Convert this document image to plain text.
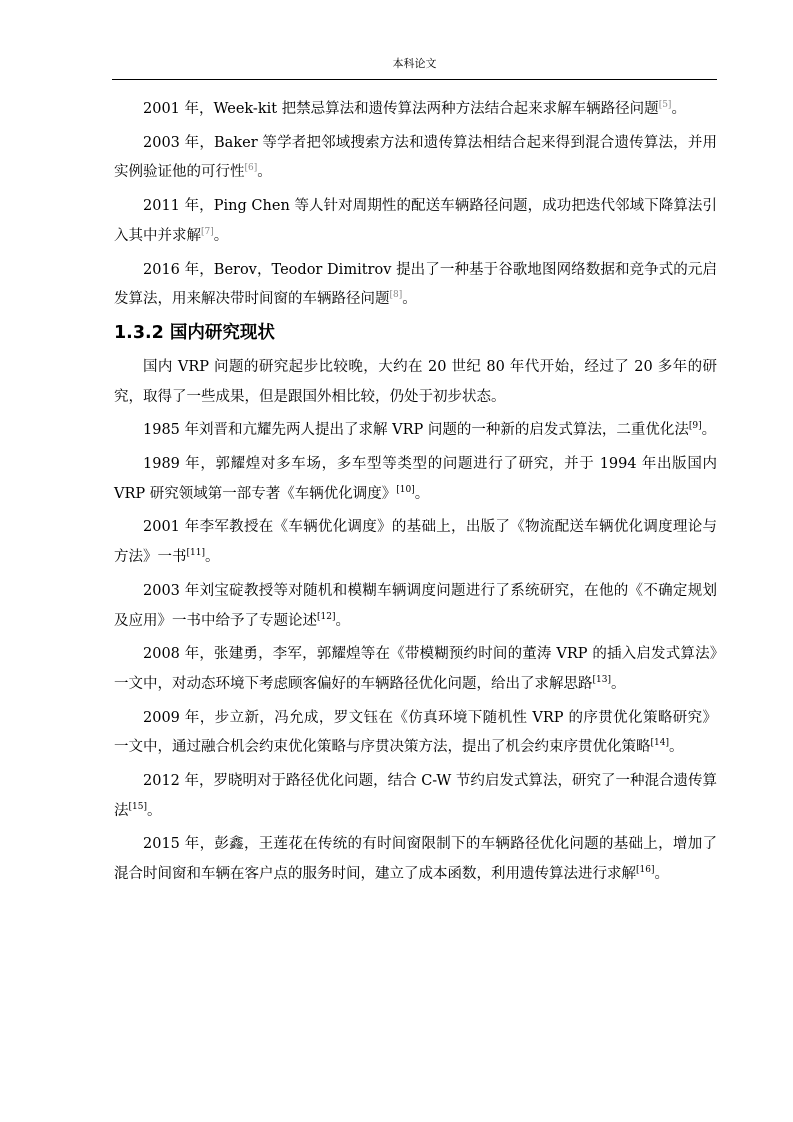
本科论文

2001 年，Week-kit 把禁忌算法和遗传算法两种方法结合起来求解车辆路径问题[5]。

2003 年，Baker 等学者把邻域搜索方法和遗传算法相结合起来得到混合遗传算法，并用实例验证他的可行性[6]。

2011 年，Ping Chen 等人针对周期性的配送车辆路径问题，成功把迭代邻域下降算法引入其中并求解[7]。

2016 年，Berov，Teodor Dimitrov 提出了一种基于谷歌地图网络数据和竞争式的元启发算法，用来解决带时间窗的车辆路径问题[8]。

1.3.2 国内研究现状

国内 VRP 问题的研究起步比较晚，大约在 20 世纪 80 年代开始，经过了 20 多年的研究，取得了一些成果，但是跟国外相比较，仍处于初步状态。

1985 年刘晋和亢耀先两人提出了求解 VRP 问题的一种新的启发式算法，二重优化法[9]。

1989 年，郭耀煌对多车场，多车型等类型的问题进行了研究，并于 1994 年出版国内 VRP 研究领域第一部专著《车辆优化调度》[10]。

2001 年李军教授在《车辆优化调度》的基础上，出版了《物流配送车辆优化调度理论与方法》一书[11]。

2003 年刘宝碇教授等对随机和模糊车辆调度问题进行了系统研究，在他的《不确定规划及应用》一书中给予了专题论述[12]。

2008 年，张建勇，李军，郭耀煌等在《带模糊预约时间的董涛 VRP 的插入启发式算法》一文中，对动态环境下考虑顾客偏好的车辆路径优化问题，给出了求解思路[13]。

2009 年，步立新，冯允成，罗文钰在《仿真环境下随机性 VRP 的序贯优化策略研究》一文中，通过融合机会约束优化策略与序贯决策方法，提出了机会约束序贯优化策略[14]。

2012 年，罗晓明对于路径优化问题，结合 C-W 节约启发式算法，研究了一种混合遗传算法[15]。

2015 年，彭鑫，王莲花在传统的有时间窗限制下的车辆路径优化问题的基础上，增加了混合时间窗和车辆在客户点的服务时间，建立了成本函数，利用遗传算法进行求解[16]。
